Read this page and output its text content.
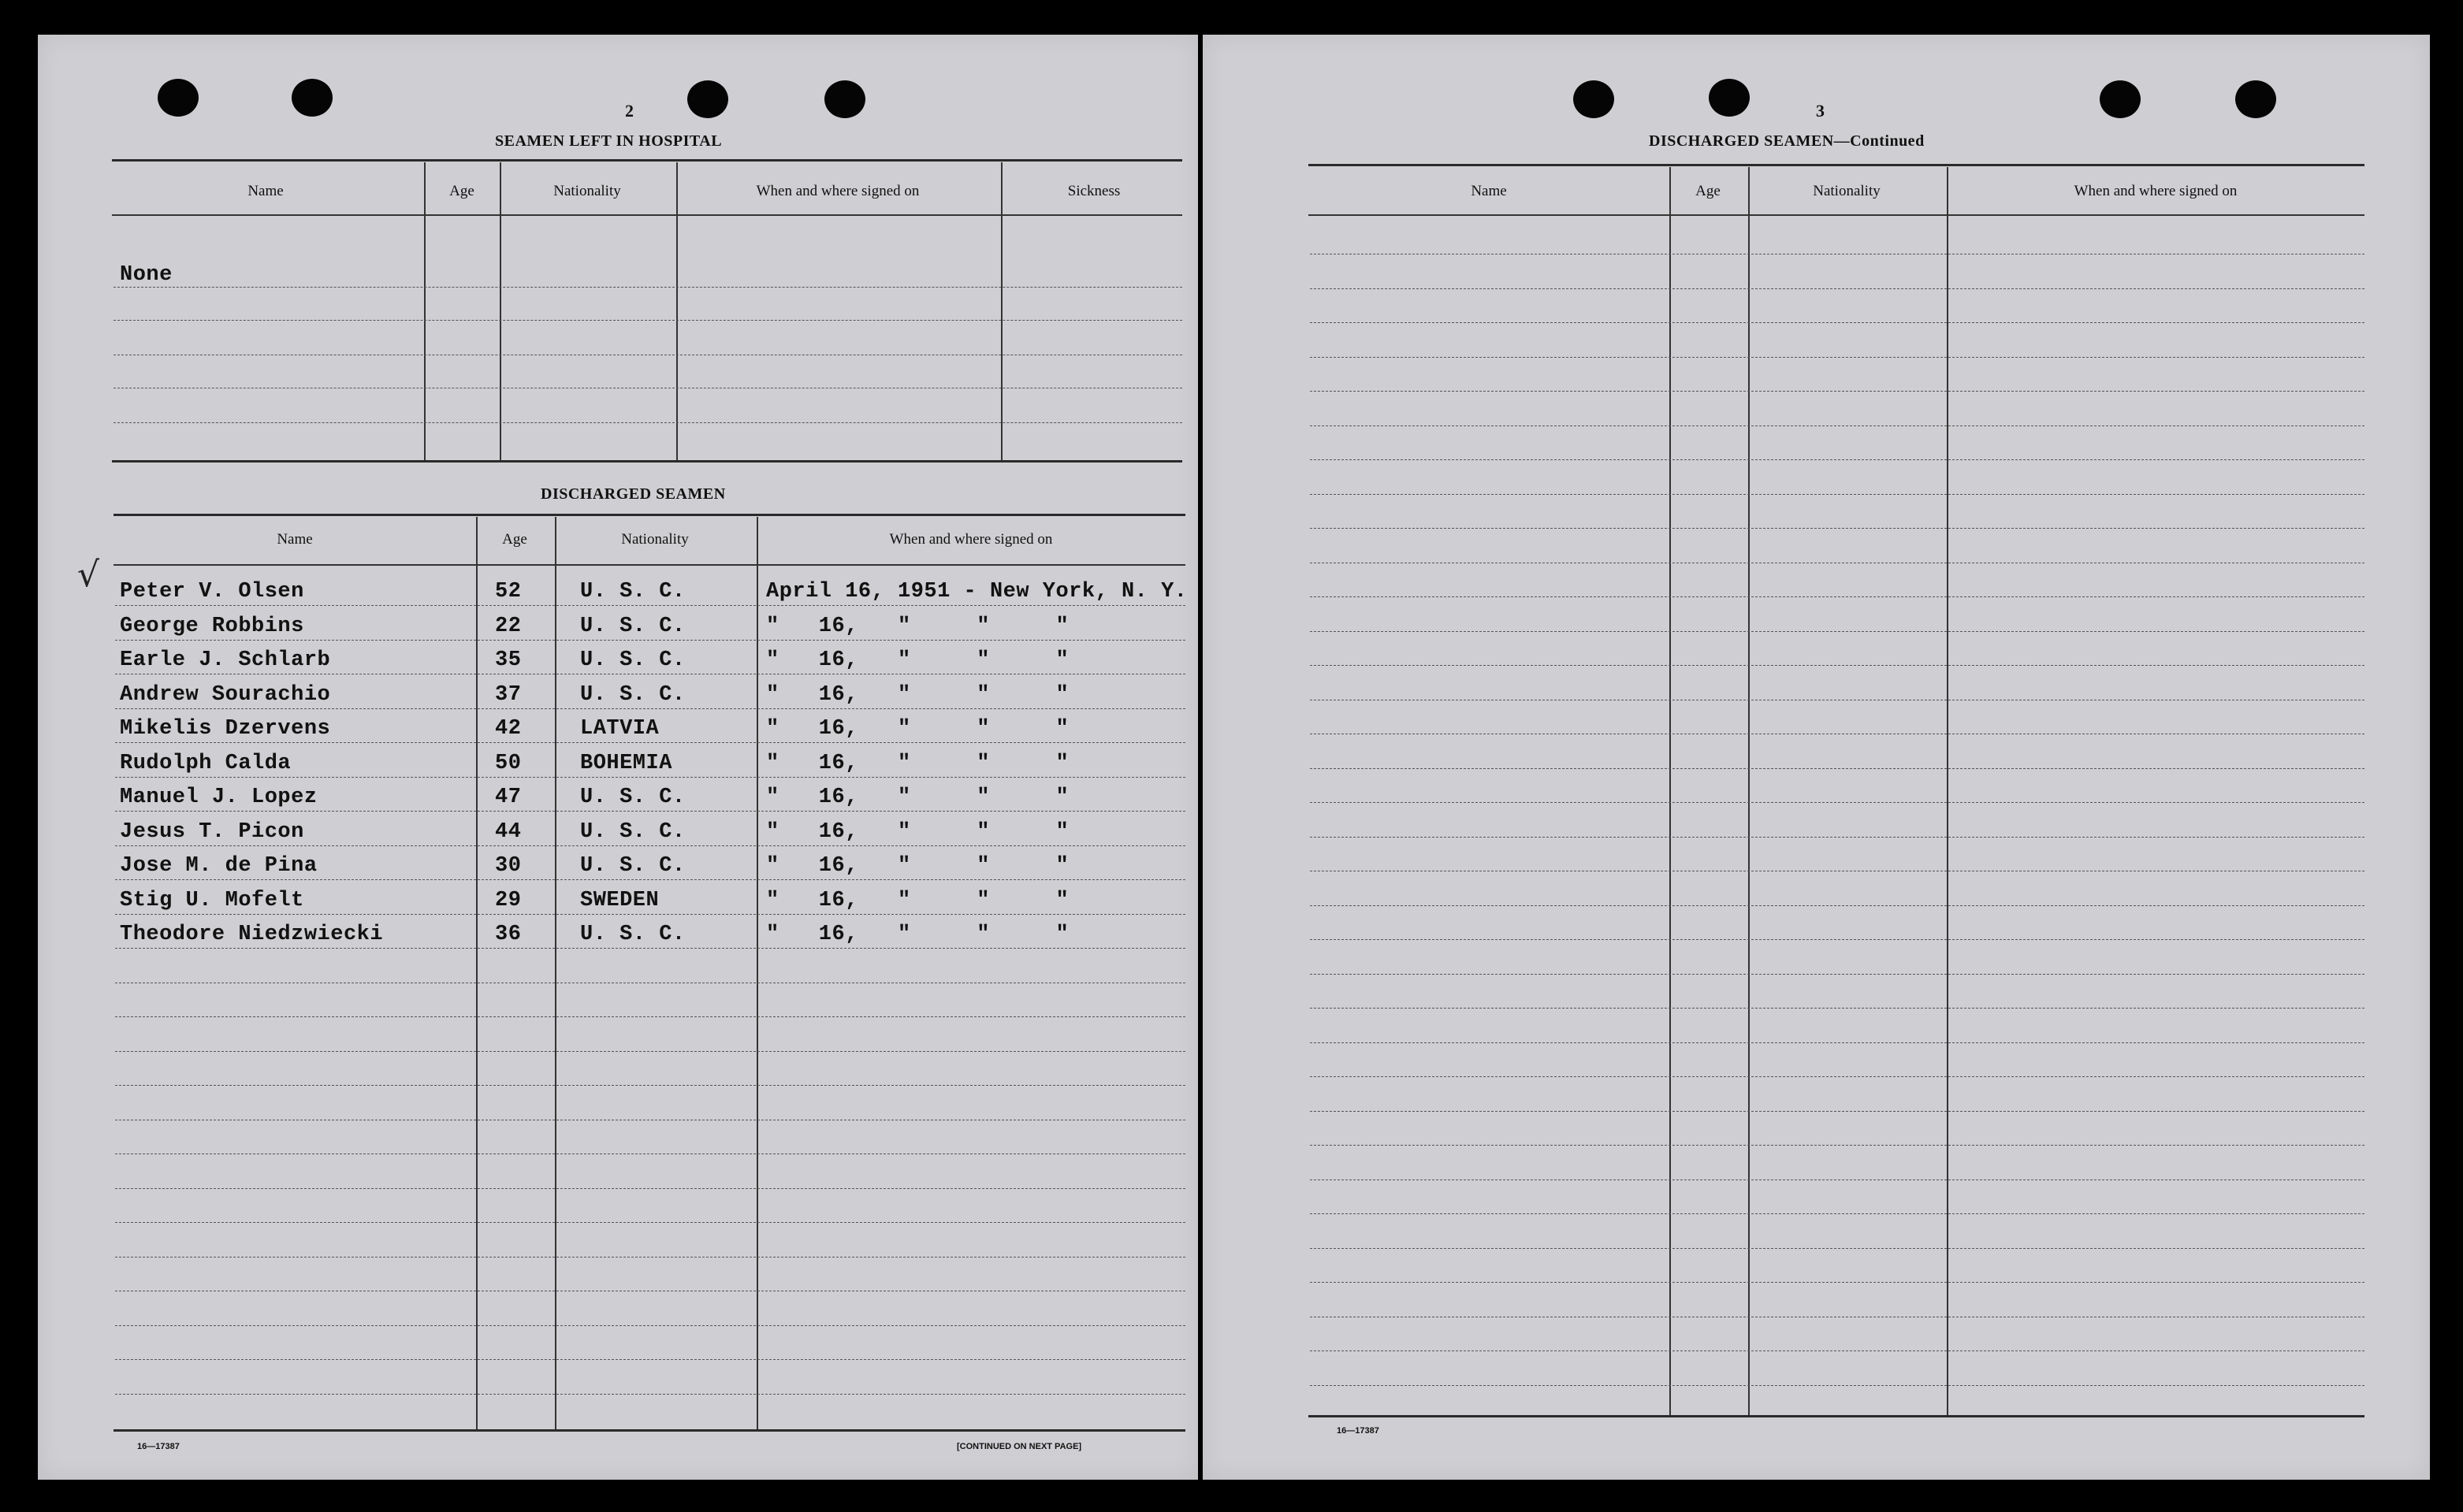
2
SEAMEN LEFT IN HOSPITAL
Name	Age	Nationality	When and where signed on	Sickness
None
DISCHARGED SEAMEN
Name	Age	Nationality	When and where signed on
√ Peter V. Olsen	52	U. S. C.	April 16, 1951 - New York, N. Y.
George Robbins	22	U. S. C.	"   16,   "     "     "
Earle J. Schlarb	35	U. S. C.	"   16,   "     "     "
Andrew Sourachio	37	U. S. C.	"   16,   "     "     "
Mikelis Dzervens	42	LATVIA	"   16,   "     "     "
Rudolph Calda	50	BOHEMIA	"   16,   "     "     "
Manuel J. Lopez	47	U. S. C.	"   16,   "     "     "
Jesus T. Picon	44	U. S. C.	"   16,   "     "     "
Jose M. de Pina	30	U. S. C.	"   16,   "     "     "
Stig U. Mofelt	29	SWEDEN	"   16,   "     "     "
Theodore Niedzwiecki	36	U. S. C.	"   16,   "     "     "
16—17387	[CONTINUED ON NEXT PAGE]
3
DISCHARGED SEAMEN—Continued
Name	Age	Nationality	When and where signed on
16—17387
